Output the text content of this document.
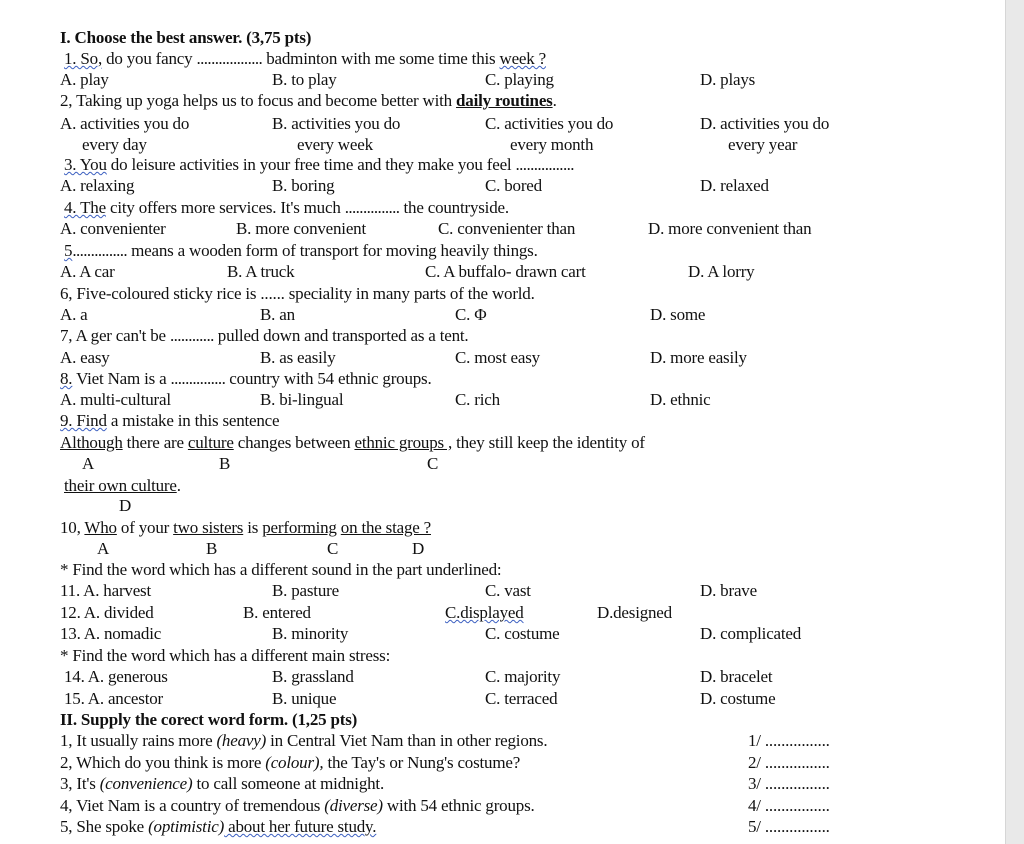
I. Choose the best answer. (3,75 pts)
1. So, do you fancy .................. badminton with me some time this week ?
A. play	B. to play	C. playing	D. plays
2, Taking up yoga helps us to focus and become better with daily routines.
A. activities you do
every day
B. activities you do
every week
C. activities you do
every month
D. activities you do
every year
3. You do leisure activities in your free time and they make you feel ................
A. relaxing	B. boring	C. bored	D. relaxed
4. The city offers more services. It's much ............... the countryside.
A. convenienter	B. more convenient	C. convenienter than	D. more convenient than
5............... means a wooden form of transport for moving heavily things.
A. A car	B. A truck	C. A buffalo- drawn cart	D. A lorry
6, Five-coloured sticky rice is ...... speciality in many parts of the world.
A. a	B. an	C. Φ	D. some
7, A ger can't be ............ pulled down and transported as a tent.
A. easy	B. as easily	C. most easy	D. more easily
8. Viet Nam is a ............... country with 54 ethnic groups.
A. multi-cultural	B. bi-lingual	C. rich	D. ethnic
9. Find a mistake in this sentence
Although there are culture changes between ethnic groups , they still keep the identity of
A	B	C
their own culture.
D
10, Who of your two sisters is performing on the stage ?
A	B	C	D
* Find the word which has a different sound in the part underlined:
11. A. harvest	B. pasture	C. vast	D. brave
12. A. divided	B. entered	C.displayed	D.designed
13. A. nomadic	B. minority	C. costume	D. complicated
* Find the word which has a different main stress:
14. A. generous	B. grassland	C. majority	D. bracelet
15. A. ancestor	B. unique	C. terraced	D. costume
II. Supply the corect word form. (1,25 pts)
1, It usually rains more (heavy) in Central Viet Nam than in other regions.	1/ ................
2, Which do you think is more (colour), the Tay's or Nung's costume?	2/ ................
3, It's (convenience) to call someone at midnight.	3/ ................
4, Viet Nam is a country of tremendous (diverse) with 54 ethnic groups.	4/ ................
5, She spoke (optimistic) about her future study.	5/ ................
